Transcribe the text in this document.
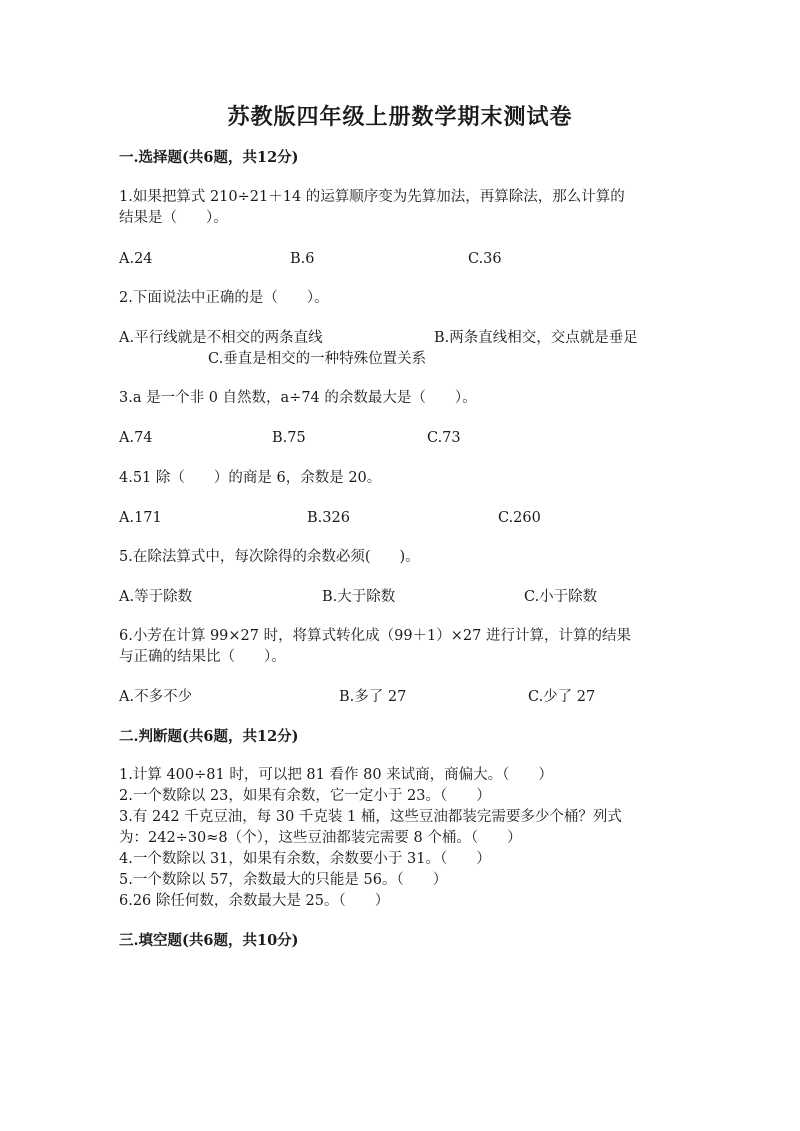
苏教版四年级上册数学期末测试卷
一.选择题(共6题，共12分)
1.如果把算式 210÷21＋14 的运算顺序变为先算加法，再算除法，那么计算的
结果是（　　）。
A.24	B.6	C.36
2.下面说法中正确的是（　　）。
A.平行线就是不相交的两条直线	B.两条直线相交，交点就是垂足
C.垂直是相交的一种特殊位置关系
3.a 是一个非 0 自然数，a÷74 的余数最大是（　　）。
A.74	B.75	C.73
4.51 除（　　）的商是 6，余数是 20。
A.171	B.326	C.260
5.在除法算式中，每次除得的余数必须(　　)。
A.等于除数	B.大于除数	C.小于除数
6.小芳在计算 99×27 时，将算式转化成（99＋1）×27 进行计算，计算的结果
与正确的结果比（　　）。
A.不多不少	B.多了 27	C.少了 27
二.判断题(共6题，共12分)
1.计算 400÷81 时，可以把 81 看作 80 来试商，商偏大。（　　）
2.一个数除以 23，如果有余数，它一定小于 23。（　　）
3.有 242 千克豆油，每 30 千克装 1 桶，这些豆油都装完需要多少个桶？列式
为：242÷30≈8（个），这些豆油都装完需要 8 个桶。（　　）
4.一个数除以 31，如果有余数，余数要小于 31。（　　）
5.一个数除以 57，余数最大的只能是 56。（　　）
6.26 除任何数，余数最大是 25。（　　）
三.填空题(共6题，共10分)
